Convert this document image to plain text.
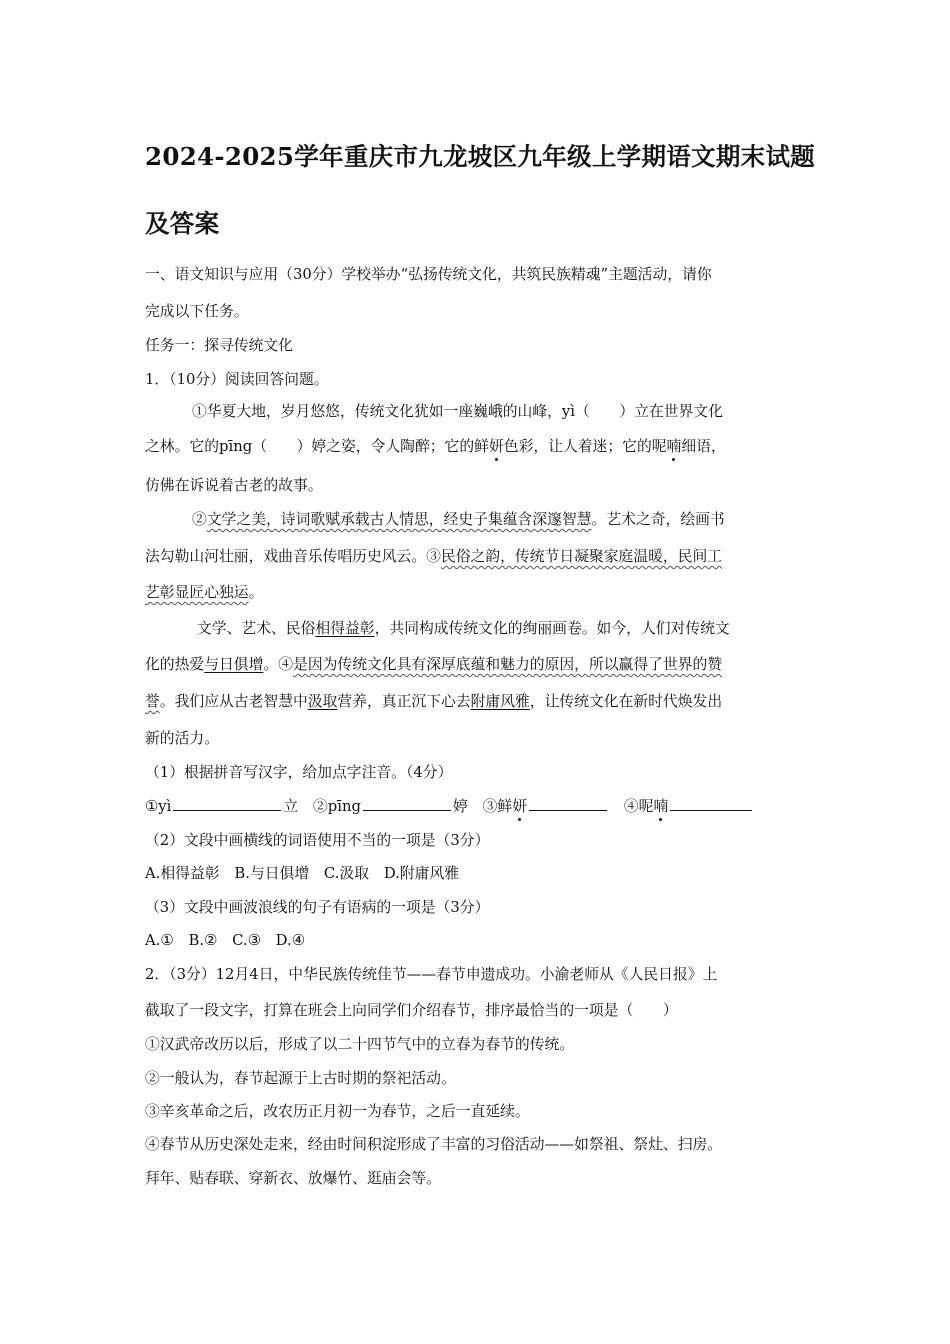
2024-2025学年重庆市九龙坡区九年级上学期语文期末试题
及答案
一、语文知识与应用（30分）学校举办“弘扬传统文化，共筑民族精魂”主题活动，请你
完成以下任务。
任务一：探寻传统文化
1．（10分）阅读回答问题。
①华夏大地，岁月悠悠，传统文化犹如一座巍峨的山峰，yì（　　）立在世界文化
之林。它的pīng（　　）婷之姿，令人陶醉；它的鲜妍色彩，让人着迷；它的呢喃细语，
仿佛在诉说着古老的故事。
②文学之美，诗词歌赋承载古人情思，经史子集蕴含深邃智慧。艺术之奇，绘画书
法勾勒山河壮丽，戏曲音乐传唱历史风云。③民俗之韵，传统节日凝聚家庭温暖，民间工
艺彰显匠心独运。
文学、艺术、民俗相得益彰，共同构成传统文化的绚丽画卷。如今，人们对传统文
化的热爱与日俱增。④是因为传统文化具有深厚底蕴和魅力的原因，所以赢得了世界的赞
誉。我们应从古老智慧中汲取营养，真正沉下心去附庸风雅，让传统文化在新时代焕发出
新的活力。
（1）根据拼音写汉字，给加点字注音。（4分）
①yì	立　 ②pīng	婷　 ③鲜妍　	④呢喃
（2）文段中画横线的词语使用不当的一项是（3分）
A.相得益彰　B.与日俱增　C.汲取　D.附庸风雅
（3）文段中画波浪线的句子有语病的一项是（3分）
A.①　B.②　C.③　D.④
2．（3分）12月4日，中华民族传统佳节——春节申遗成功。小渝老师从《人民日报》上
截取了一段文字，打算在班会上向同学们介绍春节，排序最恰当的一项是（　　）
①汉武帝改历以后，形成了以二十四节气中的立春为春节的传统。
②一般认为，春节起源于上古时期的祭祀活动。
③辛亥革命之后，改农历正月初一为春节，之后一直延续。
④春节从历史深处走来，经由时间积淀形成了丰富的习俗活动——如祭祖、祭灶、扫房。
拜年、贴春联、穿新衣、放爆竹、逛庙会等。
